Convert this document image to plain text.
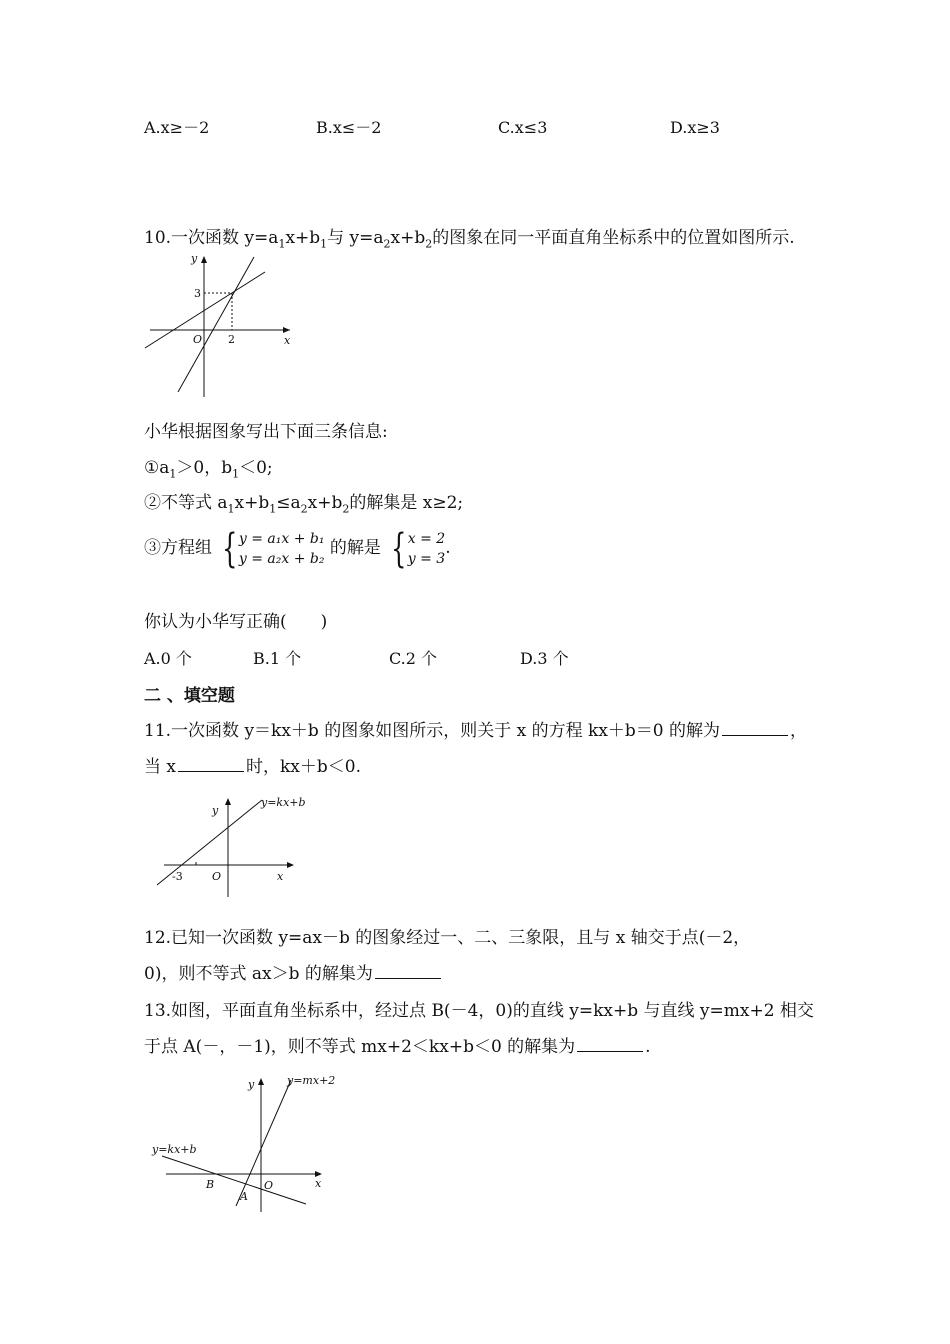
A.x≥－2	B.x≤－2	C.x≤3	D.x≥3
10.一次函数 $y=a_1x+b_1$与 $y=a_2x+b_2$的图象在同一平面直角坐标系中的位置如图所示.
y
x
O 2
3
小华根据图象写出下面三条信息:
$①a_1>0$，$b_1<0$;
②不等式 $a_1x+b_1\le a_2x+b_2$的解集是 x≥2;
③方程组 {y = a₁x + b₁
y = a₂x + b₂ 的解是 {x = 2
y = 3.
你认为小华写正确(　　)
A.0 个	B.1 个	C.2 个	D.3 个
二 、填空题
11.一次函数 y＝kx＋b 的图象如图所示，则关于 x 的方程 kx＋b＝0 的解为	，
当 x	时，kx＋b＜0.
y=kx+b
y
x
O
-3
12.已知一次函数 y=ax－b 的图象经过一、二、三象限，且与 x 轴交于点(－2，
0)，则不等式 ax＞b 的解集为
13.如图，平面直角坐标系中，经过点 B(－4，0)的直线 y=kx+b 与直线 y=mx+2 相交
于点 A(－，－1)，则不等式 mx+2＜kx+b＜0 的解集为	.
y=mx+2
y=kx+b
y
x
O
B
A
